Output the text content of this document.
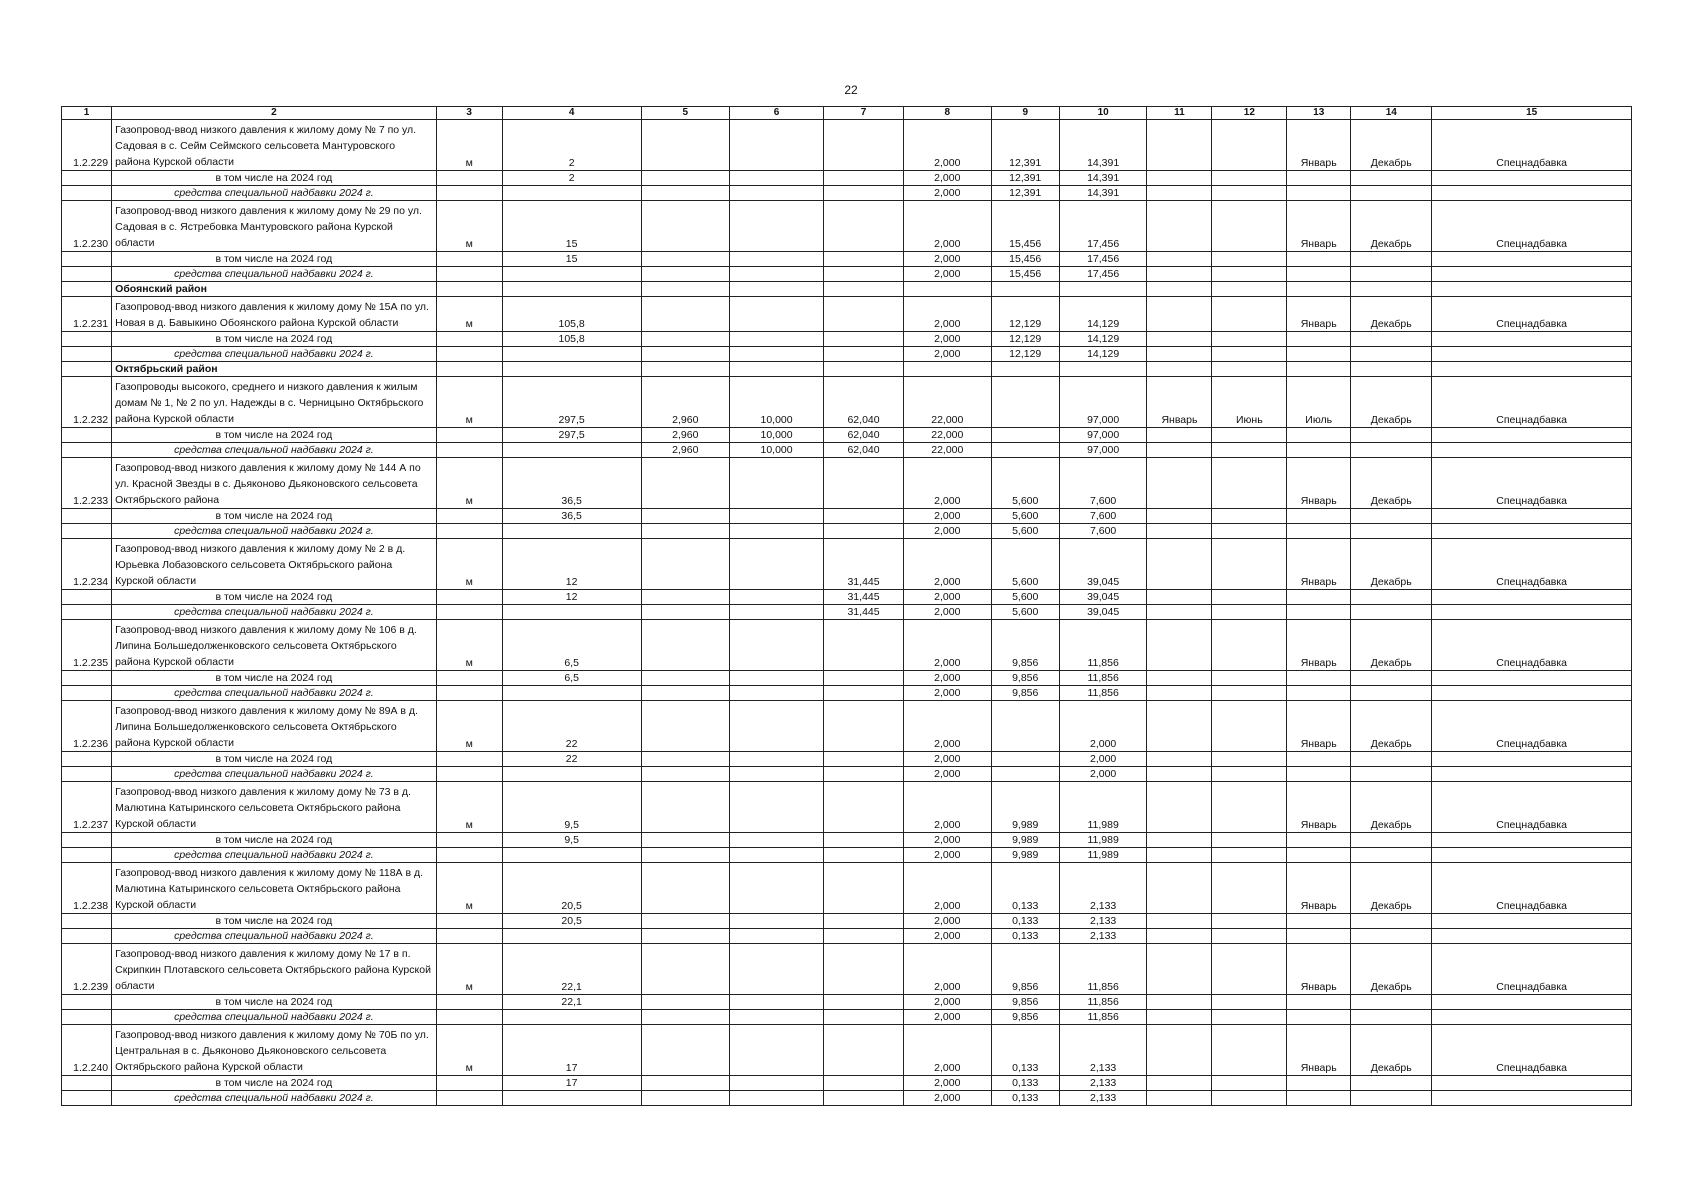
22
1	2	3	4	5	6	7	8	9	10	11	12	13	14	15
1.2.229	Газопровод-ввод низкого давления к жилому дому № 7 по ул. Садовая в с. Сейм Сеймского сельсовета Мантуровского района Курской области	м	2				2,000	12,391	14,391			Январь	Декабрь	Спецнадбавка
	в том числе на 2024 год		2				2,000	12,391	14,391					
	средства специальной надбавки 2024 г.						2,000	12,391	14,391					
1.2.230	Газопровод-ввод низкого давления к жилому дому № 29 по ул. Садовая в с. Ястребовка Мантуровского района Курской области	м	15				2,000	15,456	17,456			Январь	Декабрь	Спецнадбавка
	в том числе на 2024 год		15				2,000	15,456	17,456					
	средства специальной надбавки 2024 г.						2,000	15,456	17,456					
	Обоянский район													
1.2.231	Газопровод-ввод низкого давления к жилому дому № 15А по ул. Новая в д. Бавыкино Обоянского района Курской области	м	105,8				2,000	12,129	14,129			Январь	Декабрь	Спецнадбавка
	в том числе на 2024 год		105,8				2,000	12,129	14,129					
	средства специальной надбавки 2024 г.						2,000	12,129	14,129					
	Октябрьский район													
1.2.232	Газопроводы высокого, среднего и низкого давления к жилым домам № 1, № 2 по ул. Надежды в с. Черницыно Октябрьского района Курской области	м	297,5	2,960	10,000	62,040	22,000		97,000	Январь	Июнь	Июль	Декабрь	Спецнадбавка
	в том числе на 2024 год		297,5	2,960	10,000	62,040	22,000		97,000					
	средства специальной надбавки 2024 г.			2,960	10,000	62,040	22,000		97,000					
1.2.233	Газопровод-ввод низкого давления к жилому дому № 144 А по ул. Красной Звезды в с. Дьяконово Дьяконовского сельсовета Октябрьского района	м	36,5				2,000	5,600	7,600			Январь	Декабрь	Спецнадбавка
	в том числе на 2024 год		36,5				2,000	5,600	7,600					
	средства специальной надбавки 2024 г.						2,000	5,600	7,600					
1.2.234	Газопровод-ввод низкого давления к жилому дому № 2 в д. Юрьевка Лобазовского сельсовета Октябрьского района Курской области	м	12			31,445	2,000	5,600	39,045			Январь	Декабрь	Спецнадбавка
	в том числе на 2024 год		12			31,445	2,000	5,600	39,045					
	средства специальной надбавки 2024 г.					31,445	2,000	5,600	39,045					
1.2.235	Газопровод-ввод низкого давления к жилому дому № 106 в д. Липина Большедолженковского сельсовета Октябрьского района Курской области	м	6,5				2,000	9,856	11,856			Январь	Декабрь	Спецнадбавка
	в том числе на 2024 год		6,5				2,000	9,856	11,856					
	средства специальной надбавки 2024 г.						2,000	9,856	11,856					
1.2.236	Газопровод-ввод низкого давления к жилому дому № 89А в д. Липина Большедолженковского сельсовета Октябрьского района Курской области	м	22				2,000		2,000			Январь	Декабрь	Спецнадбавка
	в том числе на 2024 год		22				2,000		2,000					
	средства специальной надбавки 2024 г.						2,000		2,000					
1.2.237	Газопровод-ввод низкого давления к жилому дому № 73 в д. Малютина Катыринского сельсовета Октябрьского района Курской области	м	9,5				2,000	9,989	11,989			Январь	Декабрь	Спецнадбавка
	в том числе на 2024 год		9,5				2,000	9,989	11,989					
	средства специальной надбавки 2024 г.						2,000	9,989	11,989					
1.2.238	Газопровод-ввод низкого давления к жилому дому № 118А в д. Малютина Катыринского сельсовета Октябрьского района Курской области	м	20,5				2,000	0,133	2,133			Январь	Декабрь	Спецнадбавка
	в том числе на 2024 год		20,5				2,000	0,133	2,133					
	средства специальной надбавки 2024 г.						2,000	0,133	2,133					
1.2.239	Газопровод-ввод низкого давления к жилому дому № 17 в п. Скрипкин Плотавского сельсовета Октябрьского района Курской области	м	22,1				2,000	9,856	11,856			Январь	Декабрь	Спецнадбавка
	в том числе на 2024 год		22,1				2,000	9,856	11,856					
	средства специальной надбавки 2024 г.						2,000	9,856	11,856					
1.2.240	Газопровод-ввод низкого давления к жилому дому № 70Б по ул. Центральная в с. Дьяконово Дьяконовского сельсовета Октябрьского района Курской области	м	17				2,000	0,133	2,133			Январь	Декабрь	Спецнадбавка
	в том числе на 2024 год		17				2,000	0,133	2,133					
	средства специальной надбавки 2024 г.						2,000	0,133	2,133					
